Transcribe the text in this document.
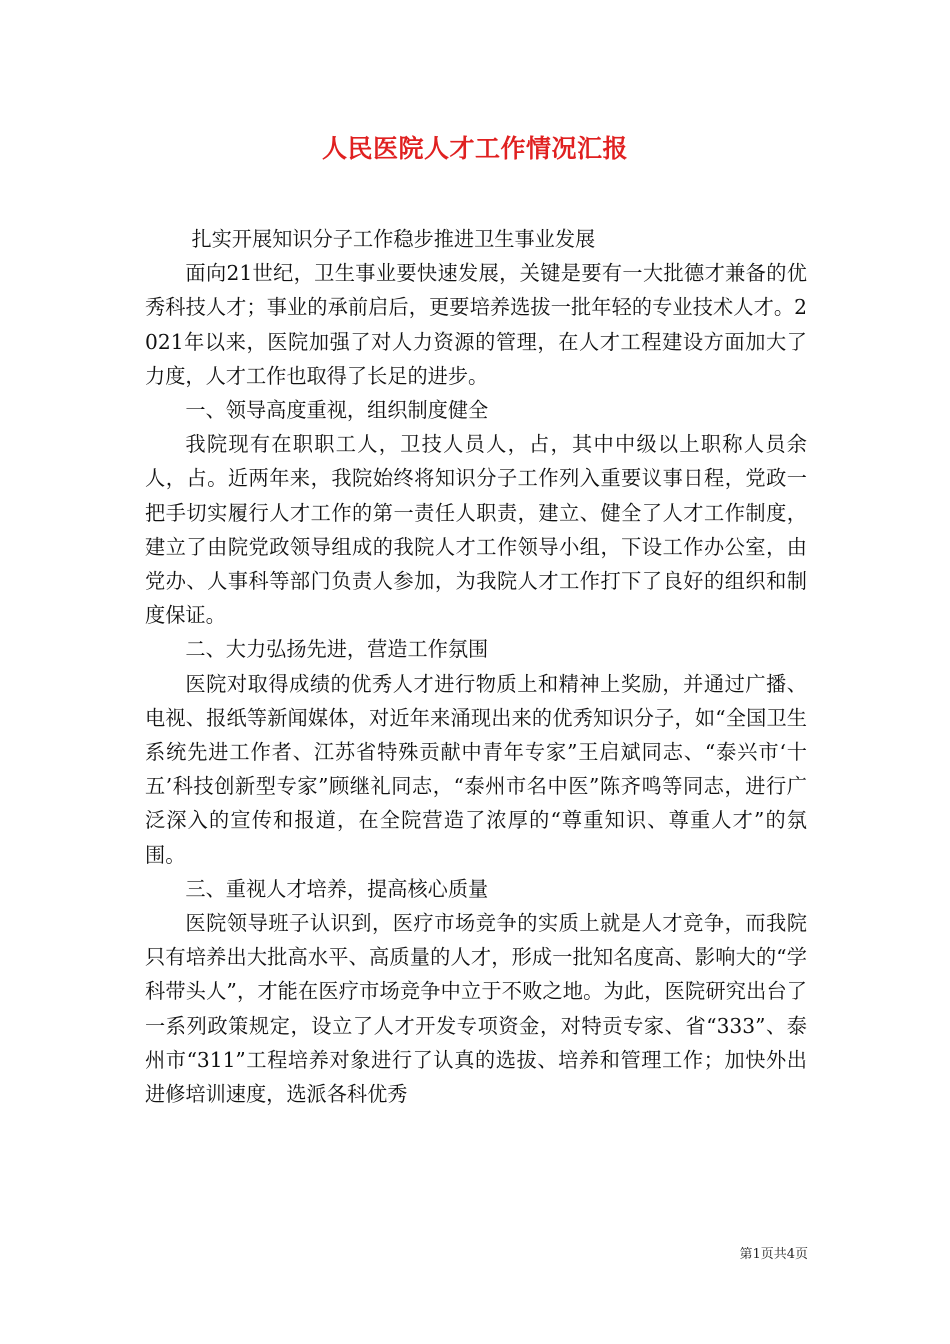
人民医院人才工作情况汇报

扎实开展知识分子工作稳步推进卫生事业发展

面向21世纪，卫生事业要快速发展，关键是要有一大批德才兼备的优秀科技人才；事业的承前启后，更要培养选拔一批年轻的专业技术人才。2021年以来，医院加强了对人力资源的管理，在人才工程建设方面加大了力度，人才工作也取得了长足的进步。

一、领导高度重视，组织制度健全

我院现有在职职工人，卫技人员人，占，其中中级以上职称人员余人，占。近两年来，我院始终将知识分子工作列入重要议事日程，党政一把手切实履行人才工作的第一责任人职责，建立、健全了人才工作制度，建立了由院党政领导组成的我院人才工作领导小组，下设工作办公室，由党办、人事科等部门负责人参加，为我院人才工作打下了良好的组织和制度保证。

二、大力弘扬先进，营造工作氛围

医院对取得成绩的优秀人才进行物质上和精神上奖励，并通过广播、电视、报纸等新闻媒体，对近年来涌现出来的优秀知识分子，如“全国卫生系统先进工作者、江苏省特殊贡献中青年专家”王启斌同志、“泰兴市‘十五’科技创新型专家”顾继礼同志，“泰州市名中医”陈齐鸣等同志，进行广泛深入的宣传和报道，在全院营造了浓厚的“尊重知识、尊重人才”的氛围。

三、重视人才培养，提高核心质量

医院领导班子认识到，医疗市场竞争的实质上就是人才竞争，而我院只有培养出大批高水平、高质量的人才，形成一批知名度高、影响大的“学科带头人”，才能在医疗市场竞争中立于不败之地。为此，医院研究出台了一系列政策规定，设立了人才开发专项资金，对特贡专家、省“333”、泰州市“311”工程培养对象进行了认真的选拔、培养和管理工作；加快外出进修培训速度，选派各科优秀

第1页共4页
